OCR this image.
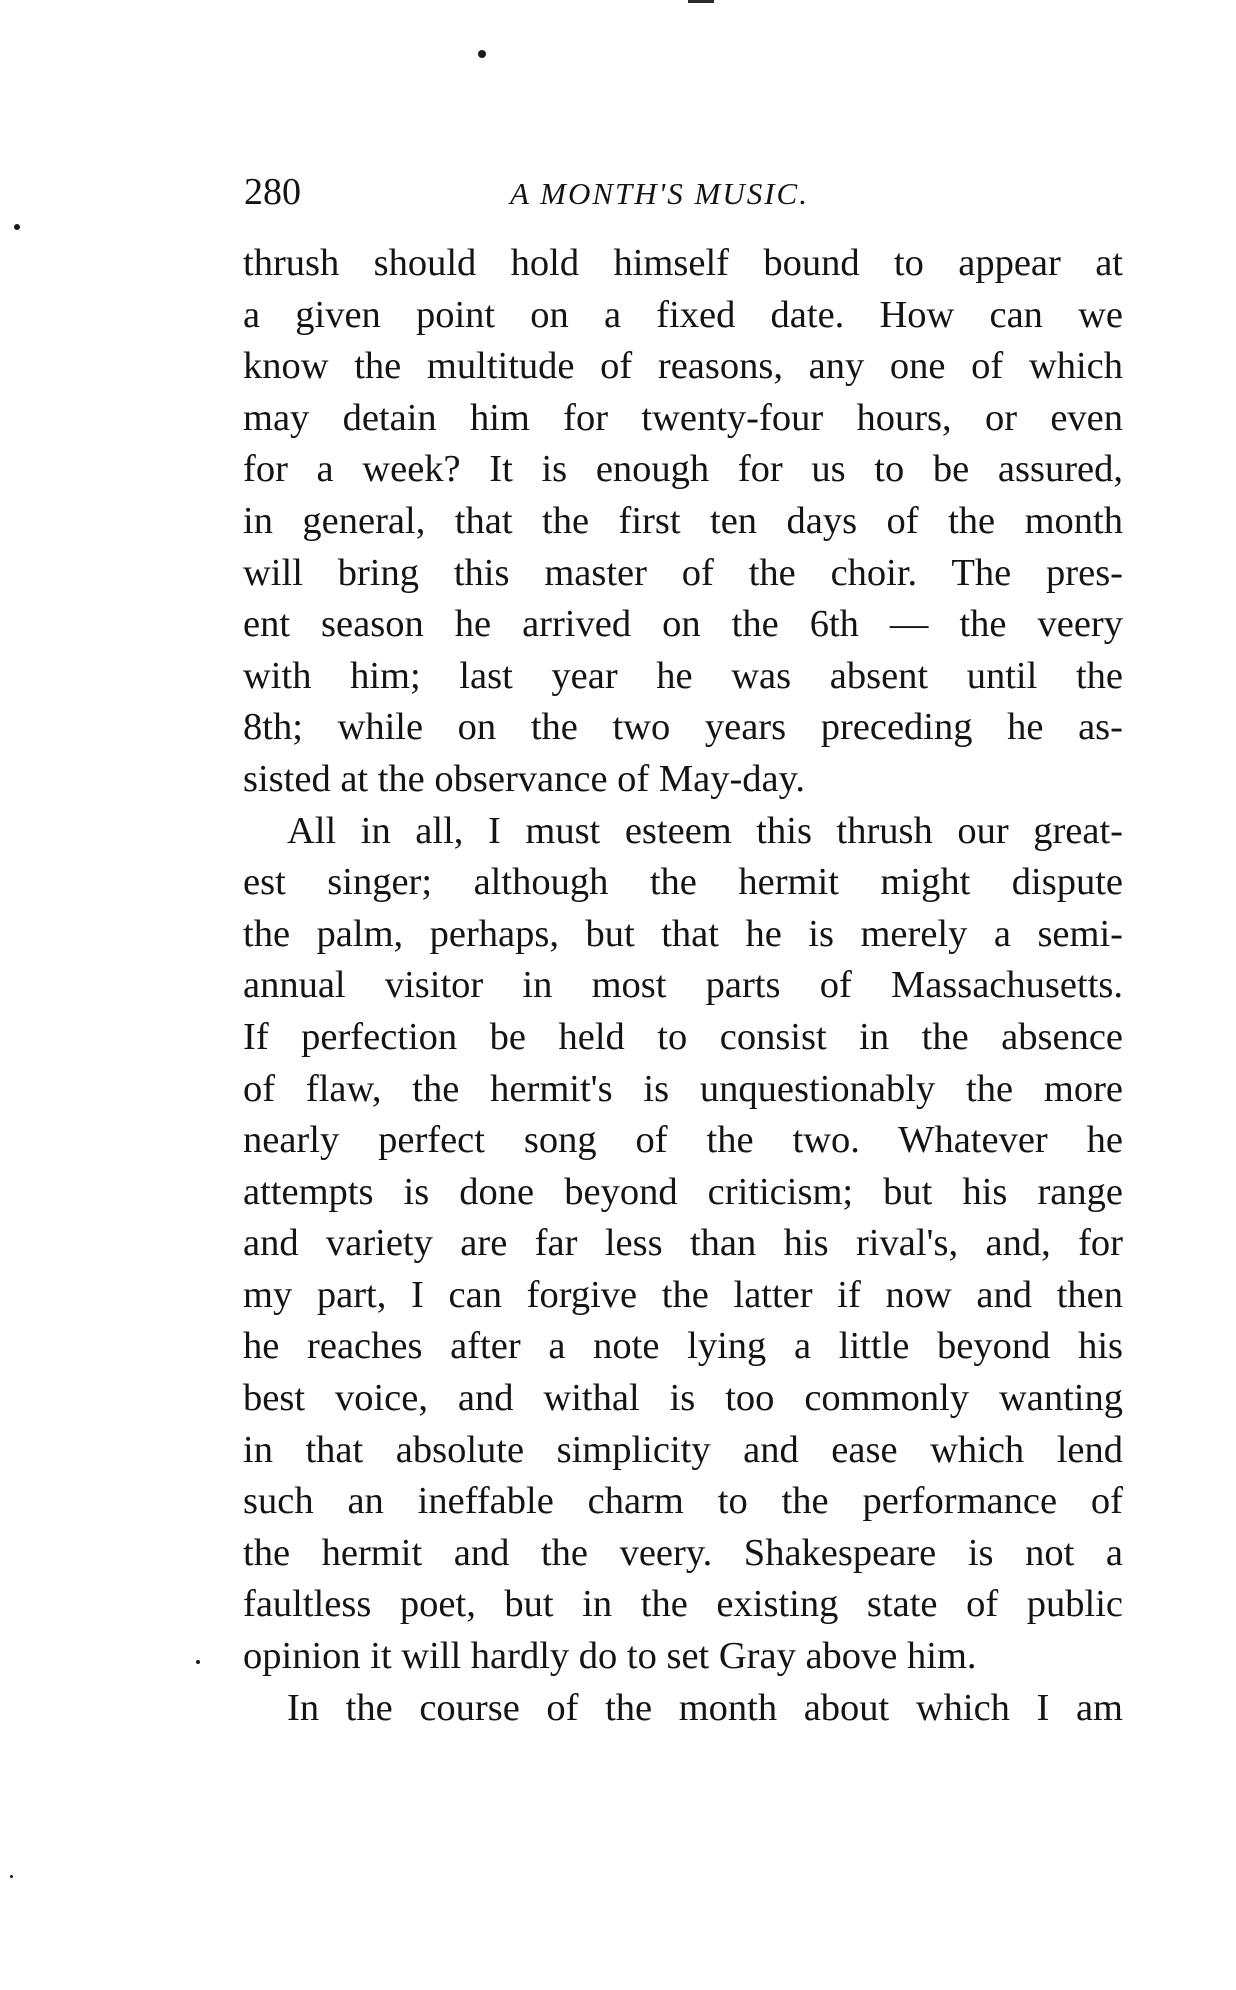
280	A MONTH'S MUSIC.
thrush should hold himself bound to appear at
a given point on a fixed date. How can we
know the multitude of reasons, any one of which
may detain him for twenty-four hours, or even
for a week? It is enough for us to be assured,
in general, that the first ten days of the month
will bring this master of the choir. The pres-
ent season he arrived on the 6th — the veery
with him; last year he was absent until the
8th; while on the two years preceding he as-
sisted at the observance of May-day.
All in all, I must esteem this thrush our great-
est singer; although the hermit might dispute
the palm, perhaps, but that he is merely a semi-
annual visitor in most parts of Massachusetts.
If perfection be held to consist in the absence
of flaw, the hermit's is unquestionably the more
nearly perfect song of the two. Whatever he
attempts is done beyond criticism; but his range
and variety are far less than his rival's, and, for
my part, I can forgive the latter if now and then
he reaches after a note lying a little beyond his
best voice, and withal is too commonly wanting
in that absolute simplicity and ease which lend
such an ineffable charm to the performance of
the hermit and the veery. Shakespeare is not a
faultless poet, but in the existing state of public
opinion it will hardly do to set Gray above him.
In the course of the month about which I am
